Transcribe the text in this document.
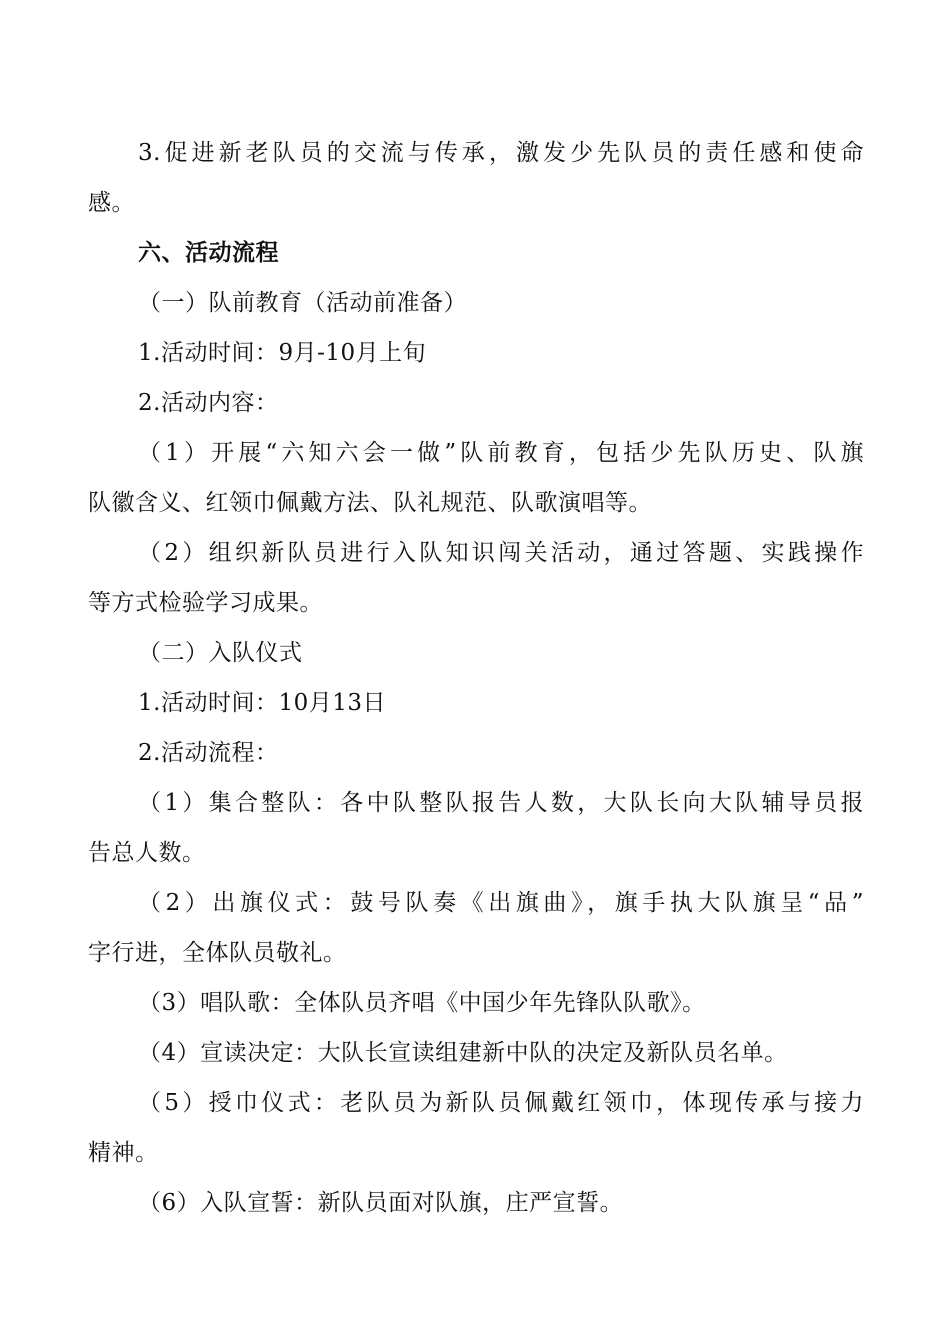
3.促进新老队员的交流与传承，激发少先队员的责任感和使命
感。
六、活动流程
（一）队前教育（活动前准备）
1.活动时间：9月-10月上旬
2.活动内容：
（1）开展“六知六会一做”队前教育，包括少先队历史、队旗
队徽含义、红领巾佩戴方法、队礼规范、队歌演唱等。
（2）组织新队员进行入队知识闯关活动，通过答题、实践操作
等方式检验学习成果。
（二）入队仪式
1.活动时间：10月13日
2.活动流程：
（1）集合整队：各中队整队报告人数，大队长向大队辅导员报
告总人数。
（2）出旗仪式：鼓号队奏《出旗曲》，旗手执大队旗呈“品”
字行进，全体队员敬礼。
（3）唱队歌：全体队员齐唱《中国少年先锋队队歌》。
（4）宣读决定：大队长宣读组建新中队的决定及新队员名单。
（5）授巾仪式：老队员为新队员佩戴红领巾，体现传承与接力
精神。
（6）入队宣誓：新队员面对队旗，庄严宣誓。
